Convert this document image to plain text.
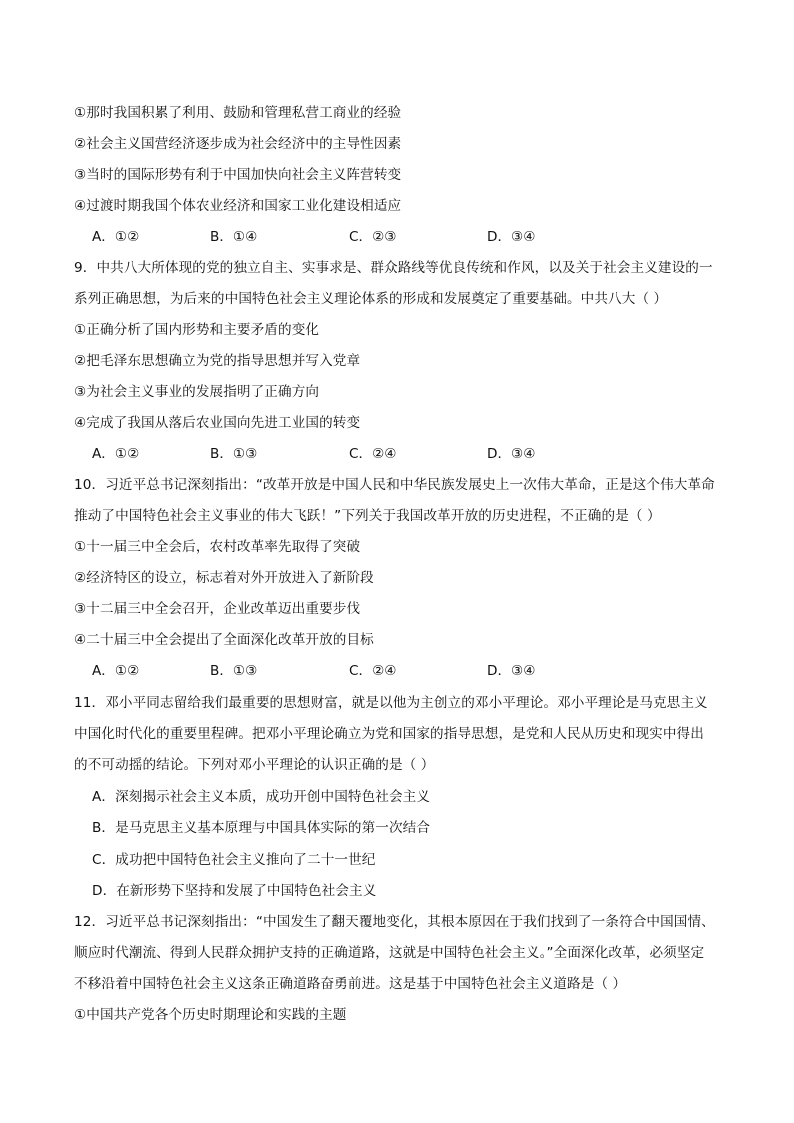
①那时我国积累了利用、鼓励和管理私营工商业的经验
②社会主义国营经济逐步成为社会经济中的主导性因素
③当时的国际形势有利于中国加快向社会主义阵营转变
④过渡时期我国个体农业经济和国家工业化建设相适应
A．①②	B．①④	C．②③	D．③④
9．中共八大所体现的党的独立自主、实事求是、群众路线等优良传统和作风，以及关于社会主义建设的一
系列正确思想，为后来的中国特色社会主义理论体系的形成和发展奠定了重要基础。中共八大（ ）
①正确分析了国内形势和主要矛盾的变化
②把毛泽东思想确立为党的指导思想并写入党章
③为社会主义事业的发展指明了正确方向
④完成了我国从落后农业国向先进工业国的转变
A．①②	B．①③	C．②④	D．③④
10．习近平总书记深刻指出：“改革开放是中国人民和中华民族发展史上一次伟大革命，正是这个伟大革命
推动了中国特色社会主义事业的伟大飞跃！”下列关于我国改革开放的历史进程，不正确的是（ ）
①十一届三中全会后，农村改革率先取得了突破
②经济特区的设立，标志着对外开放进入了新阶段
③十二届三中全会召开，企业改革迈出重要步伐
④二十届三中全会提出了全面深化改革开放的目标
A．①②	B．①③	C．②④	D．③④
11．邓小平同志留给我们最重要的思想财富，就是以他为主创立的邓小平理论。邓小平理论是马克思主义
中国化时代化的重要里程碑。把邓小平理论确立为党和国家的指导思想，是党和人民从历史和现实中得出
的不可动摇的结论。下列对邓小平理论的认识正确的是（ ）
A．深刻揭示社会主义本质，成功开创中国特色社会主义
B．是马克思主义基本原理与中国具体实际的第一次结合
C．成功把中国特色社会主义推向了二十一世纪
D．在新形势下坚持和发展了中国特色社会主义
12．习近平总书记深刻指出：“中国发生了翻天覆地变化，其根本原因在于我们找到了一条符合中国国情、
顺应时代潮流、得到人民群众拥护支持的正确道路，这就是中国特色社会主义。”全面深化改革，必须坚定
不移沿着中国特色社会主义这条正确道路奋勇前进。这是基于中国特色社会主义道路是（ ）
①中国共产党各个历史时期理论和实践的主题
